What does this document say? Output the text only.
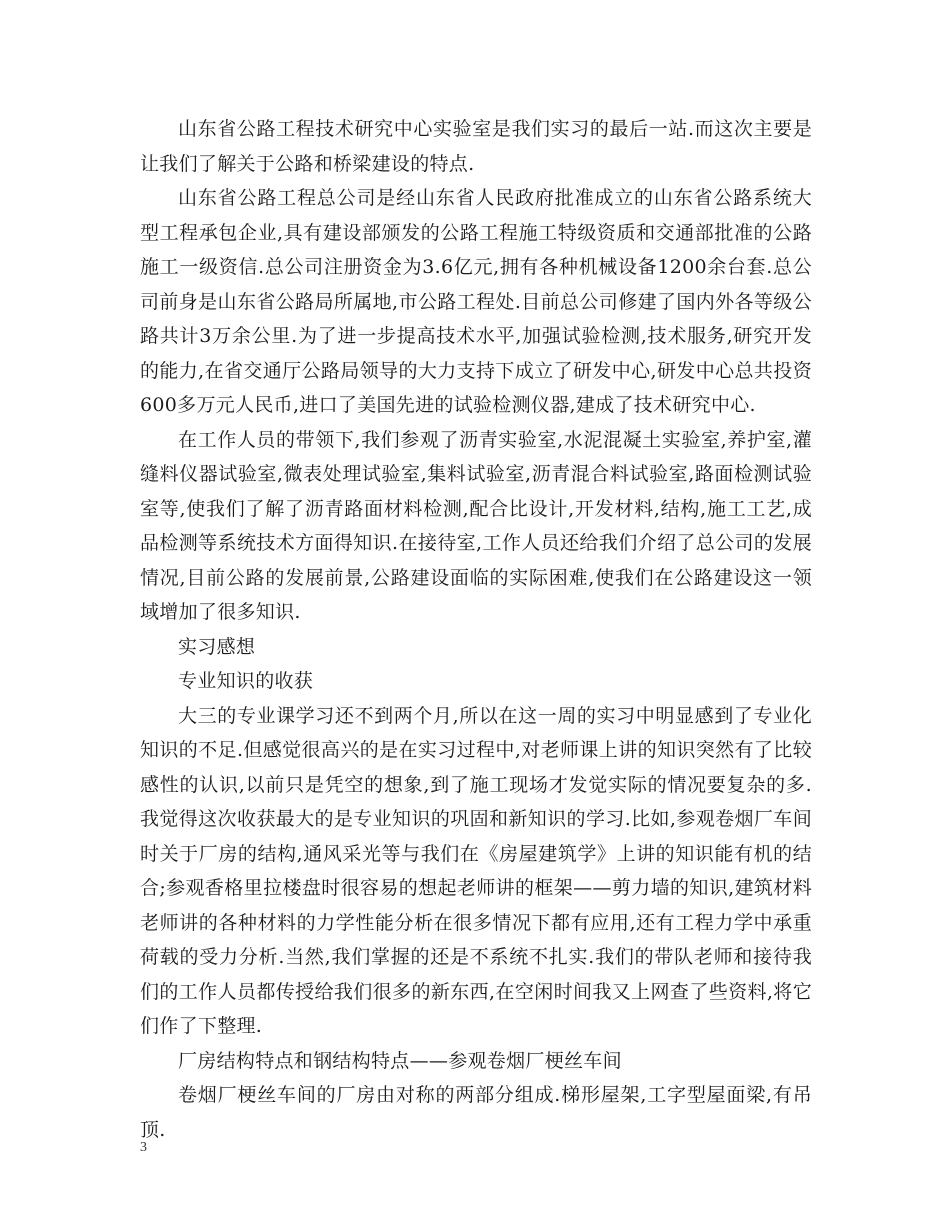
山东省公路工程技术研究中心实验室是我们实习的最后一站.而这次主要是让我们了解关于公路和桥梁建设的特点.

山东省公路工程总公司是经山东省人民政府批准成立的山东省公路系统大型工程承包企业,具有建设部颁发的公路工程施工特级资质和交通部批准的公路施工一级资信.总公司注册资金为3.6亿元,拥有各种机械设备1200余台套.总公司前身是山东省公路局所属地,市公路工程处.目前总公司修建了国内外各等级公路共计3万余公里.为了进一步提高技术水平,加强试验检测,技术服务,研究开发的能力,在省交通厅公路局领导的大力支持下成立了研发中心,研发中心总共投资600多万元人民币,进口了美国先进的试验检测仪器,建成了技术研究中心.

在工作人员的带领下,我们参观了沥青实验室,水泥混凝土实验室,养护室,灌缝料仪器试验室,微表处理试验室,集料试验室,沥青混合料试验室,路面检测试验室等,使我们了解了沥青路面材料检测,配合比设计,开发材料,结构,施工工艺,成品检测等系统技术方面得知识.在接待室,工作人员还给我们介绍了总公司的发展情况,目前公路的发展前景,公路建设面临的实际困难,使我们在公路建设这一领域增加了很多知识.

实习感想

专业知识的收获

大三的专业课学习还不到两个月,所以在这一周的实习中明显感到了专业化知识的不足.但感觉很高兴的是在实习过程中,对老师课上讲的知识突然有了比较感性的认识,以前只是凭空的想象,到了施工现场才发觉实际的情况要复杂的多.我觉得这次收获最大的是专业知识的巩固和新知识的学习.比如,参观卷烟厂车间时关于厂房的结构,通风采光等与我们在《房屋建筑学》上讲的知识能有机的结合;参观香格里拉楼盘时很容易的想起老师讲的框架——剪力墙的知识,建筑材料老师讲的各种材料的力学性能分析在很多情况下都有应用,还有工程力学中承重荷载的受力分析.当然,我们掌握的还是不系统不扎实.我们的带队老师和接待我们的工作人员都传授给我们很多的新东西,在空闲时间我又上网查了些资料,将它们作了下整理.

厂房结构特点和钢结构特点——参观卷烟厂梗丝车间

卷烟厂梗丝车间的厂房由对称的两部分组成.梯形屋架,工字型屋面梁,有吊顶.

3
